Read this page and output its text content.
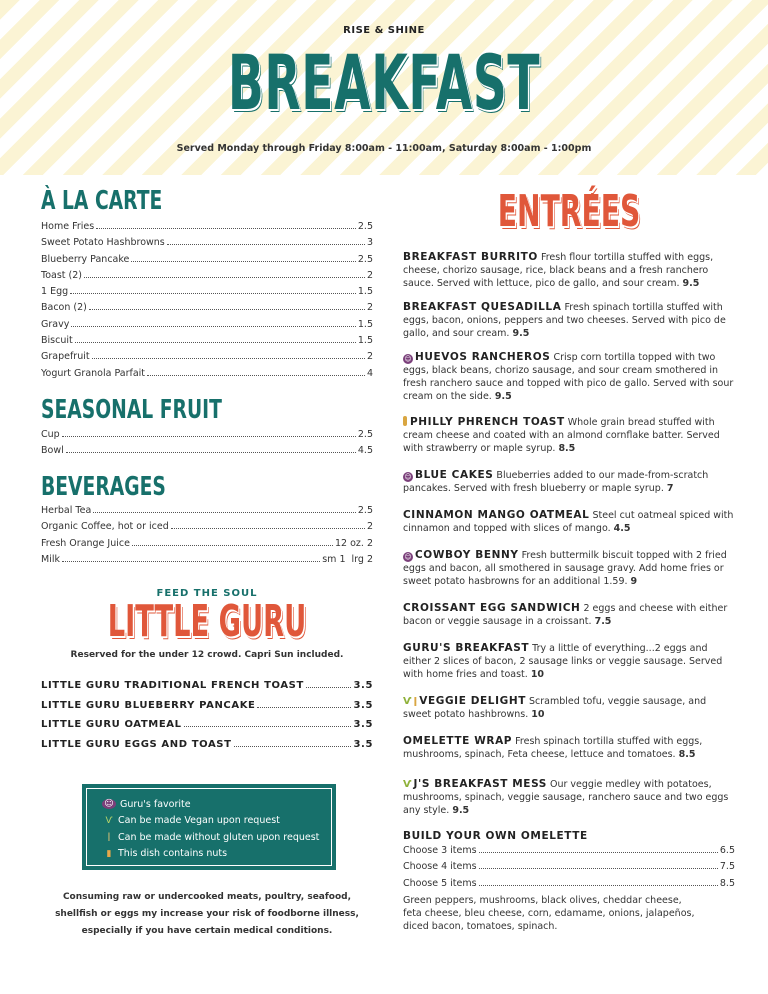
RISE & SHINE
BREAKFAST
Served Monday through Friday 8:00am - 11:00am, Saturday 8:00am - 1:00pm
À LA CARTE
Home Fries	2.5
Sweet Potato Hashbrowns	3
Blueberry Pancake	2.5
Toast (2)	2
1 Egg	1.5
Bacon (2)	2
Gravy	1.5
Biscuit	1.5
Grapefruit	2
Yogurt Granola Parfait	4
SEASONAL FRUIT
Cup	2.5
Bowl	4.5
BEVERAGES
Herbal Tea	2.5
Organic Coffee, hot or iced	2
Fresh Orange Juice	12 oz. 2
Milk	sm 1  lrg 2
FEED THE SOUL
LITTLE GURU
Reserved for the under 12 crowd. Capri Sun included.
LITTLE GURU TRADITIONAL FRENCH TOAST	3.5
LITTLE GURU BLUEBERRY PANCAKE	3.5
LITTLE GURU OATMEAL	3.5
LITTLE GURU EGGS AND TOAST	3.5
☺ Guru's favorite
Ѵ Can be made Vegan upon request
ǀ Can be made without gluten upon request
▮ This dish contains nuts
Consuming raw or undercooked meats, poultry, seafood, shellfish or eggs my increase your risk of foodborne illness, especially if you have certain medical conditions.
ENTRÉES
BREAKFAST BURRITO Fresh flour tortilla stuffed with eggs, cheese, chorizo sausage, rice, black beans and a fresh ranchero sauce. Served with lettuce, pico de gallo, and sour cream. 9.5
BREAKFAST QUESADILLA Fresh spinach tortilla stuffed with eggs, bacon, onions, peppers and two cheeses. Served with pico de gallo, and sour cream. 9.5
☺ HUEVOS RANCHEROS Crisp corn tortilla topped with two eggs, black beans, chorizo sausage, and sour cream smothered in fresh ranchero sauce and topped with pico de gallo. Served with sour cream on the side. 9.5
PHILLY PHRENCH TOAST Whole grain bread stuffed with cream cheese and coated with an almond cornflake batter. Served with strawberry or maple syrup. 8.5
☺ BLUE CAKES Blueberries added to our made-from-scratch pancakes. Served with fresh blueberry or maple syrup. 7
CINNAMON MANGO OATMEAL Steel cut oatmeal spiced with cinnamon and topped with slices of mango. 4.5
☺ COWBOY BENNY Fresh buttermilk biscuit topped with 2 fried eggs and bacon, all smothered in sausage gravy. Add home fries or sweet potato hasbrowns for an additional 1.59. 9
CROISSANT EGG SANDWICH 2 eggs and cheese with either bacon or veggie sausage in a croissant. 7.5
GURU'S BREAKFAST Try a little of everything...2 eggs and either 2 slices of bacon, 2 sausage links or veggie sausage. Served with home fries and toast. 10
Ѵ ǀ VEGGIE DELIGHT Scrambled tofu, veggie sausage, and sweet potato hashbrowns. 10
OMELETTE WRAP Fresh spinach tortilla stuffed with eggs, mushrooms, spinach, Feta cheese, lettuce and tomatoes. 8.5
Ѵ J'S BREAKFAST MESS Our veggie medley with potatoes, mushrooms, spinach, veggie sausage, ranchero sauce and two eggs any style. 9.5
BUILD YOUR OWN OMELETTE
Choose 3 items	6.5
Choose 4 items	7.5
Choose 5 items	8.5
Green peppers, mushrooms, black olives, cheddar cheese, feta cheese, bleu cheese, corn, edamame, onions, jalapeños, diced bacon, tomatoes, spinach.
